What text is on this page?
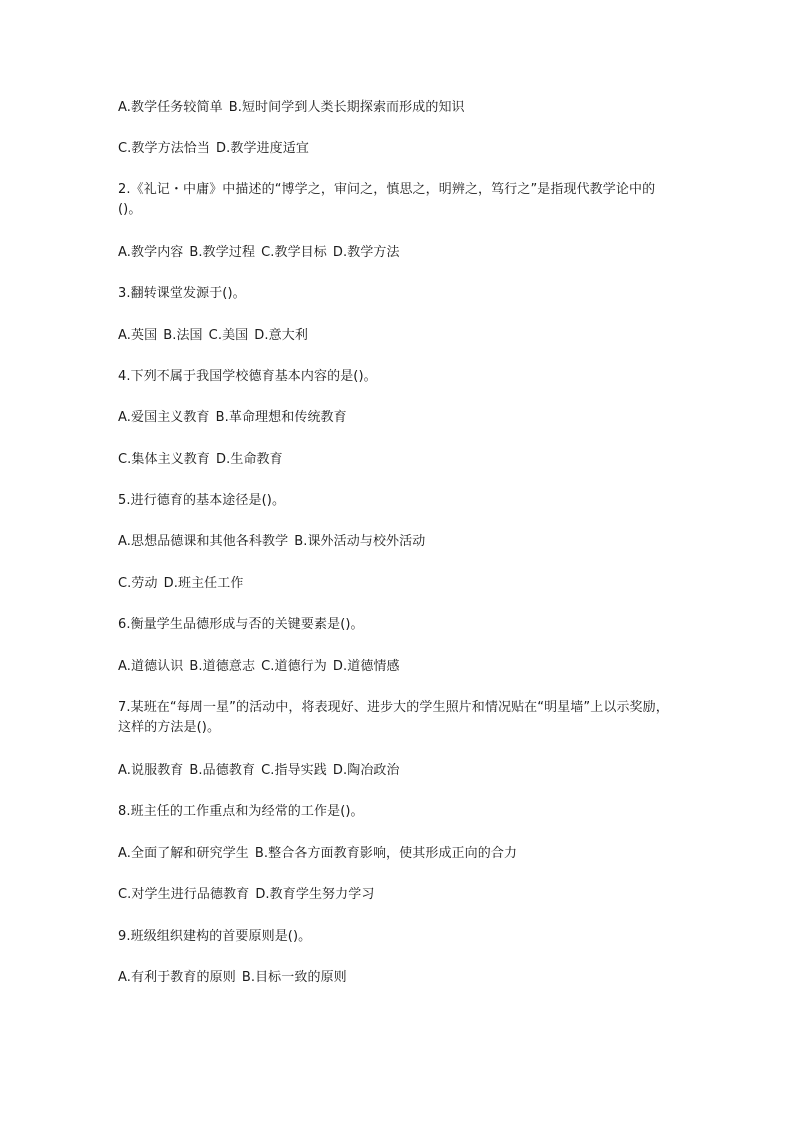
A.教学任务较简单 B.短时间学到人类长期探索而形成的知识
C.教学方法恰当 D.教学进度适宜
2.《礼记・中庸》中描述的“博学之，审问之，慎思之，明辨之，笃行之”是指现代教学论中的()。
A.教学内容 B.教学过程 C.教学目标 D.教学方法
3.翻转课堂发源于()。
A.英国 B.法国 C.美国 D.意大利
4.下列不属于我国学校德育基本内容的是()。
A.爱国主义教育 B.革命理想和传统教育
C.集体主义教育 D.生命教育
5.进行德育的基本途径是()。
A.思想品德课和其他各科教学 B.课外活动与校外活动
C.劳动 D.班主任工作
6.衡量学生品德形成与否的关键要素是()。
A.道德认识 B.道德意志 C.道德行为 D.道德情感
7.某班在“每周一星”的活动中，将表现好、进步大的学生照片和情况贴在“明星墙”上以示奖励，这样的方法是()。
A.说服教育 B.品德教育 C.指导实践 D.陶冶政治
8.班主任的工作重点和为经常的工作是()。
A.全面了解和研究学生 B.整合各方面教育影响，使其形成正向的合力
C.对学生进行品德教育 D.教育学生努力学习
9.班级组织建构的首要原则是()。
A.有利于教育的原则 B.目标一致的原则
